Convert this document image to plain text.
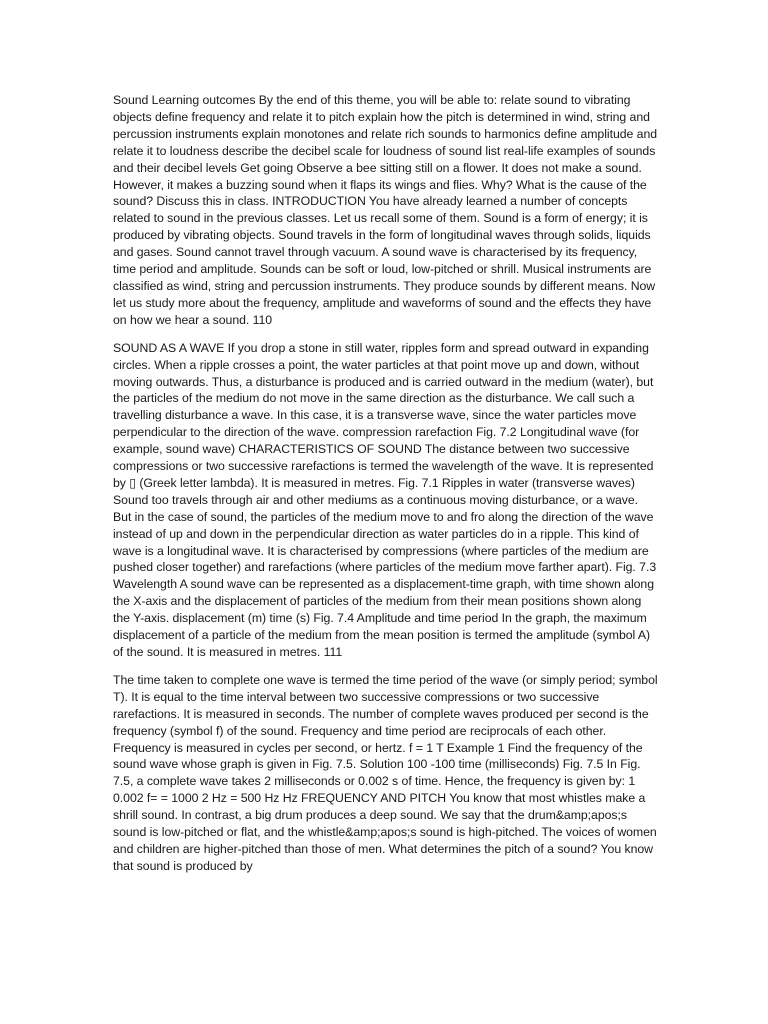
Sound Learning outcomes By the end of this theme, you will be able to: relate sound to vibrating objects define frequency and relate it to pitch explain how the pitch is determined in wind, string and percussion instruments explain monotones and relate rich sounds to harmonics define amplitude and relate it to loudness describe the decibel scale for loudness of sound list real-life examples of sounds and their decibel levels Get going Observe a bee sitting still on a flower. It does not make a sound. However, it makes a buzzing sound when it flaps its wings and flies. Why? What is the cause of the sound? Discuss this in class. INTRODUCTION You have already learned a number of concepts related to sound in the previous classes. Let us recall some of them. Sound is a form of energy; it is produced by vibrating objects. Sound travels in the form of longitudinal waves through solids, liquids and gases. Sound cannot travel through vacuum. A sound wave is characterised by its frequency, time period and amplitude. Sounds can be soft or loud, low-pitched or shrill. Musical instruments are classified as wind, string and percussion instruments. They produce sounds by different means. Now let us study more about the frequency, amplitude and waveforms of sound and the effects they have on how we hear a sound. 110

SOUND AS A WAVE If you drop a stone in still water, ripples form and spread outward in expanding circles. When a ripple crosses a point, the water particles at that point move up and down, without moving outwards. Thus, a disturbance is produced and is carried outward in the medium (water), but the particles of the medium do not move in the same direction as the disturbance. We call such a travelling disturbance a wave. In this case, it is a transverse wave, since the water particles move perpendicular to the direction of the wave. compression rarefaction Fig. 7.2 Longitudinal wave (for example, sound wave) CHARACTERISTICS OF SOUND The distance between two successive compressions or two successive rarefactions is termed the wavelength of the wave. It is represented by ▯ (Greek letter lambda). It is measured in metres. Fig. 7.1 Ripples in water (transverse waves) Sound too travels through air and other mediums as a continuous moving disturbance, or a wave. But in the case of sound, the particles of the medium move to and fro along the direction of the wave instead of up and down in the perpendicular direction as water particles do in a ripple. This kind of wave is a longitudinal wave. It is characterised by compressions (where particles of the medium are pushed closer together) and rarefactions (where particles of the medium move farther apart). Fig. 7.3 Wavelength A sound wave can be represented as a displacement-time graph, with time shown along the X-axis and the displacement of particles of the medium from their mean positions shown along the Y-axis. displacement (m) time (s) Fig. 7.4 Amplitude and time period In the graph, the maximum displacement of a particle of the medium from the mean position is termed the amplitude (symbol A) of the sound. It is measured in metres. 111

The time taken to complete one wave is termed the time period of the wave (or simply period; symbol T). It is equal to the time interval between two successive compressions or two successive rarefactions. It is measured in seconds. The number of complete waves produced per second is the frequency (symbol f) of the sound. Frequency and time period are reciprocals of each other. Frequency is measured in cycles per second, or hertz. f = 1 T Example 1 Find the frequency of the sound wave whose graph is given in Fig. 7.5. Solution 100 -100 time (milliseconds) Fig. 7.5 In Fig. 7.5, a complete wave takes 2 milliseconds or 0.002 s of time. Hence, the frequency is given by: 1 0.002 f= = 1000 2 Hz = 500 Hz Hz FREQUENCY AND PITCH You know that most whistles make a shrill sound. In contrast, a big drum produces a deep sound. We say that the drum&amp;apos;s sound is low-pitched or flat, and the whistle&amp;apos;s sound is high-pitched. The voices of women and children are higher-pitched than those of men. What determines the pitch of a sound? You know that sound is produced by
